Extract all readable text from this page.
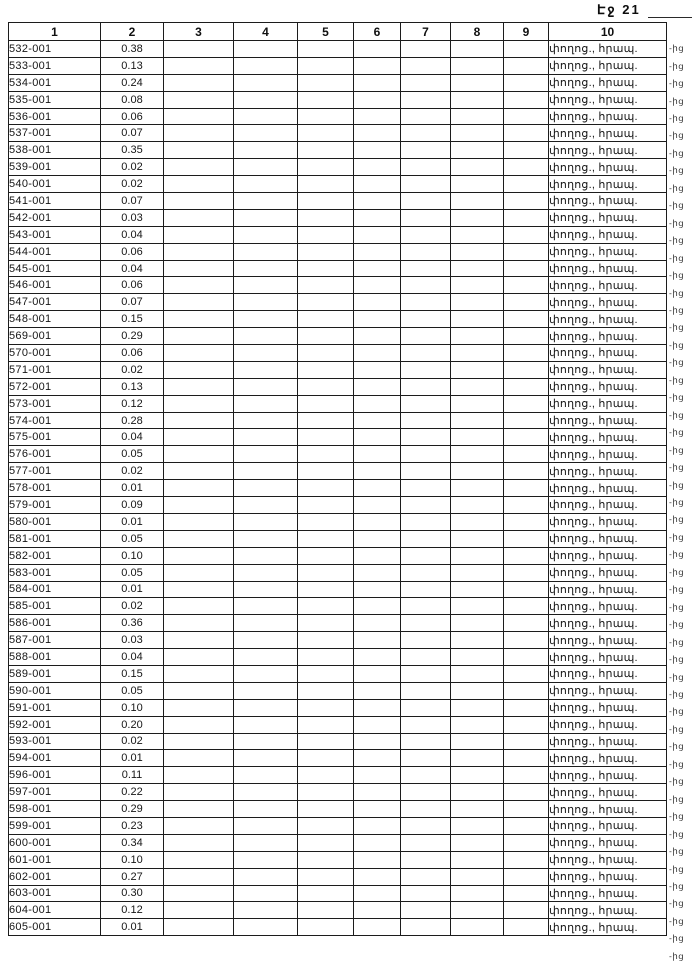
Էջ 21
1	2	3	4	5	6	7	8	9	10
532-001	0.38								փողոց., հրապ.
533-001	0.13								փողոց., հրապ.
534-001	0.24								փողոց., հրապ.
535-001	0.08								փողոց., հրապ.
536-001	0.06								փողոց., հրապ.
537-001	0.07								փողոց., հրապ.
538-001	0.35								փողոց., հրապ.
539-001	0.02								փողոց., հրապ.
540-001	0.02								փողոց., հրապ.
541-001	0.07								փողոց., հրապ.
542-001	0.03								փողոց., հրապ.
543-001	0.04								փողոց., հրապ.
544-001	0.06								փողոց., հրապ.
545-001	0.04								փողոց., հրապ.
546-001	0.06								փողոց., հրապ.
547-001	0.07								փողոց., հրապ.
548-001	0.15								փողոց., հրապ.
569-001	0.29								փողոց., հրապ.
570-001	0.06								փողոց., հրապ.
571-001	0.02								փողոց., հրապ.
572-001	0.13								փողոց., հրապ.
573-001	0.12								փողոց., հրապ.
574-001	0.28								փողոց., հրապ.
575-001	0.04								փողոց., հրապ.
576-001	0.05								փողոց., հրապ.
577-001	0.02								փողոց., հրապ.
578-001	0.01								փողոց., հրապ.
579-001	0.09								փողոց., հրապ.
580-001	0.01								փողոց., հրապ.
581-001	0.05								փողոց., հրապ.
582-001	0.10								փողոց., հրապ.
583-001	0.05								փողոց., հրապ.
584-001	0.01								փողոց., հրապ.
585-001	0.02								փողոց., հրապ.
586-001	0.36								փողոց., հրապ.
587-001	0.03								փողոց., հրապ.
588-001	0.04								փողոց., հրապ.
589-001	0.15								փողոց., հրապ.
590-001	0.05								փողոց., հրապ.
591-001	0.10								փողոց., հրապ.
592-001	0.20								փողոց., հրապ.
593-001	0.02								փողոց., հրապ.
594-001	0.01								փողոց., հրապ.
596-001	0.11								փողոց., հրապ.
597-001	0.22								փողոց., հրապ.
598-001	0.29								փողոց., հրապ.
599-001	0.23								փողոց., հրապ.
600-001	0.34								փողոց., հրապ.
601-001	0.10								փողոց., հրապ.
602-001	0.27								փողոց., հրապ.
603-001	0.30								փողոց., հրապ.
604-001	0.12								փողոց., հրապ.
605-001	0.01								փողոց., հրապ.
-ից
-ից
-ից
-ից
-ից
-ից
-ից
-ից
-ից
-ից
-ից
-ից
-ից
-ից
-ից
-ից
-ից
-ից
-ից
-ից
-ից
-ից
-ից
-ից
-ից
-ից
-ից
-ից
-ից
-ից
-ից
-ից
-ից
-ից
-ից
-ից
-ից
-ից
-ից
-ից
-ից
-ից
-ից
-ից
-ից
-ից
-ից
-ից
-ից
-ից
-ից
-ից
-ից
